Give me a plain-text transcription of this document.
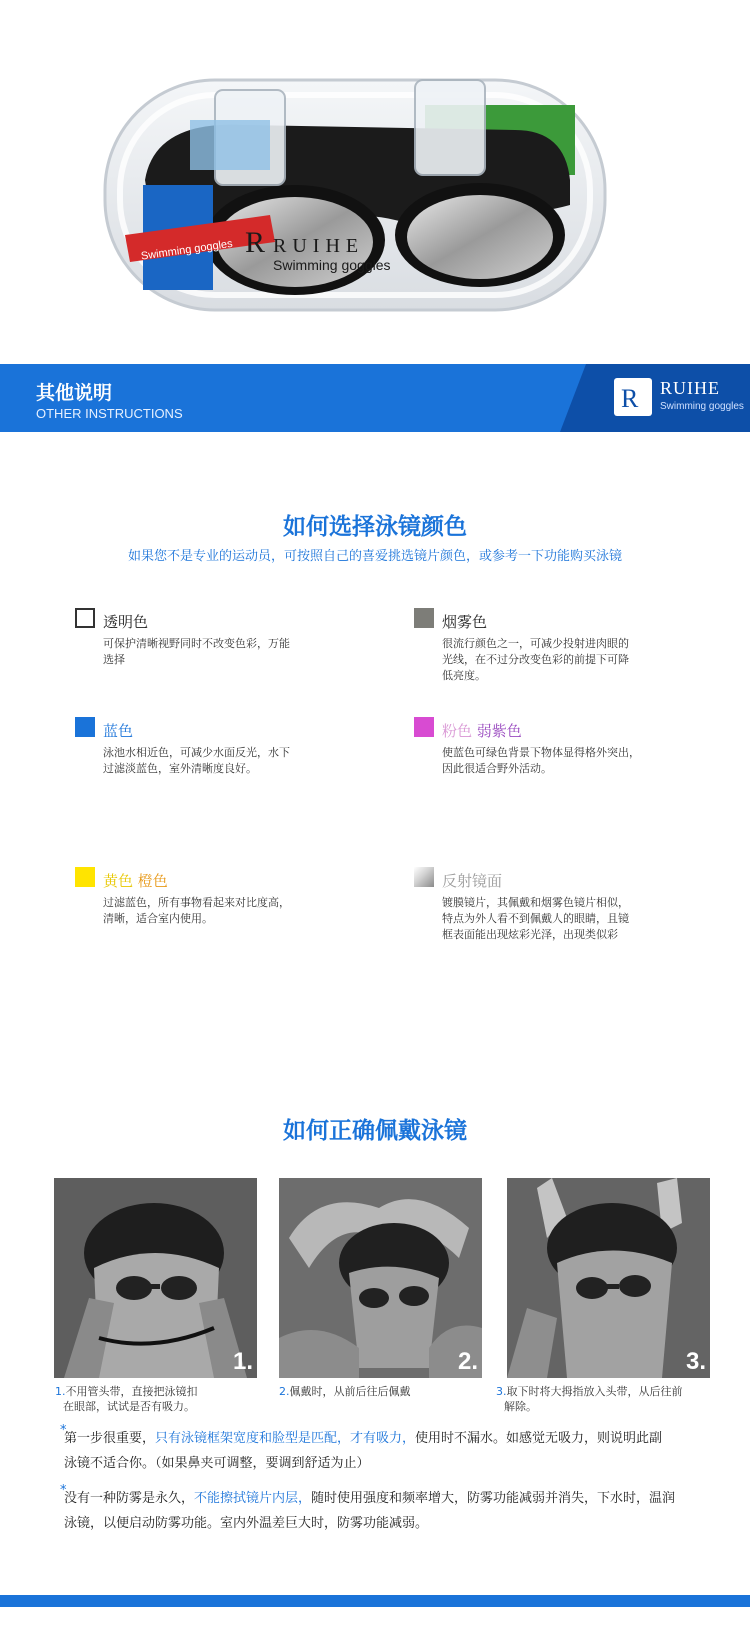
Swimming goggles R RUIHE
Swimming goggles
其他说明
OTHER INSTRUCTIONS
R RUIHE
Swimming goggles
如何选择泳镜颜色
如果您不是专业的运动员，可按照自己的喜爱挑选镜片颜色，或参考一下功能购买泳镜
透明色
可保护清晰视野同时不改变色彩，万能
选择
烟雾色
很流行颜色之一，可减少投射进肉眼的
光线，在不过分改变色彩的前提下可降
低亮度。
蓝色
泳池水相近色，可减少水面反光，水下
过滤淡蓝色，室外清晰度良好。
粉色 弱紫色
使蓝色可绿色背景下物体显得格外突出，
因此很适合野外活动。
黄色 橙色
过滤蓝色，所有事物看起来对比度高，
清晰，适合室内使用。
反射镜面
镀膜镜片，其佩戴和烟雾色镜片相似，
特点为外人看不到佩戴人的眼睛，且镜
框表面能出现炫彩光泽，出现类似彩
如何正确佩戴泳镜
1.
1.不用管头带，直接把泳镜扣
在眼部，试试是否有吸力。
2.
2.佩戴时，从前后往后佩戴
3.
3.取下时将大拇指放入头带，从后往前
解除。
*
第一步很重要，只有泳镜框架宽度和脸型是匹配，才有吸力，使用时不漏水。如感觉无吸力，则说明此副
泳镜不适合你。（如果鼻夹可调整，要调到舒适为止）
*
没有一种防雾是永久，不能擦拭镜片内层，随时使用强度和频率增大，防雾功能减弱并消失，下水时，温润
泳镜，以便启动防雾功能。室内外温差巨大时，防雾功能减弱。
